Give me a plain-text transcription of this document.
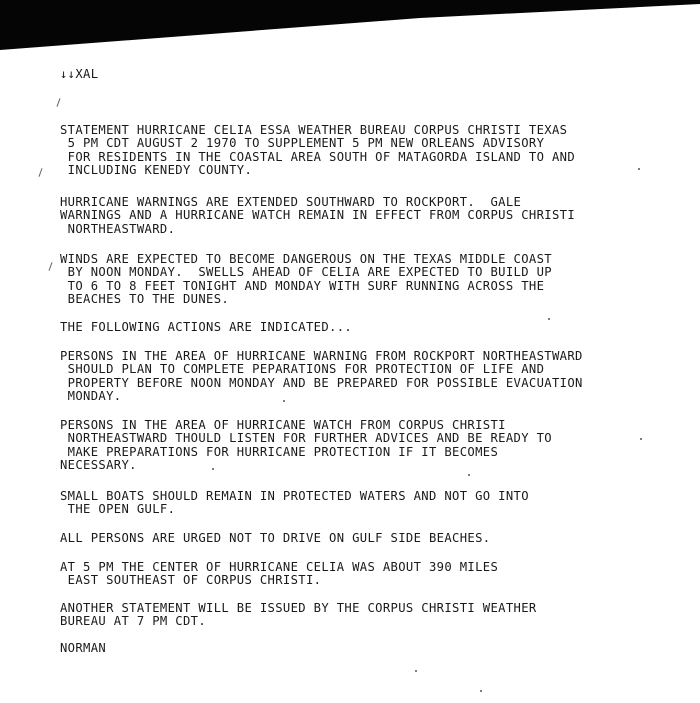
↓↓XAL
STATEMENT HURRICANE CELIA ESSA WEATHER BUREAU CORPUS CHRISTI TEXAS
5 PM CDT AUGUST 2 1970 TO SUPPLEMENT 5 PM NEW ORLEANS ADVISORY
FOR RESIDENTS IN THE COASTAL AREA SOUTH OF MATAGORDA ISLAND TO AND
INCLUDING KENEDY COUNTY.
HURRICANE WARNINGS ARE EXTENDED SOUTHWARD TO ROCKPORT.  GALE
WARNINGS AND A HURRICANE WATCH REMAIN IN EFFECT FROM CORPUS CHRISTI
NORTHEASTWARD.
WINDS ARE EXPECTED TO BECOME DANGEROUS ON THE TEXAS MIDDLE COAST
BY NOON MONDAY.  SWELLS AHEAD OF CELIA ARE EXPECTED TO BUILD UP
TO 6 TO 8 FEET TONIGHT AND MONDAY WITH SURF RUNNING ACROSS THE
BEACHES TO THE DUNES.
THE FOLLOWING ACTIONS ARE INDICATED...
PERSONS IN THE AREA OF HURRICANE WARNING FROM ROCKPORT NORTHEASTWARD
SHOULD PLAN TO COMPLETE PEPARATIONS FOR PROTECTION OF LIFE AND
PROPERTY BEFORE NOON MONDAY AND BE PREPARED FOR POSSIBLE EVACUATION
MONDAY.
PERSONS IN THE AREA OF HURRICANE WATCH FROM CORPUS CHRISTI
NORTHEASTWARD THOULD LISTEN FOR FURTHER ADVICES AND BE READY TO
MAKE PREPARATIONS FOR HURRICANE PROTECTION IF IT BECOMES
NECESSARY.
SMALL BOATS SHOULD REMAIN IN PROTECTED WATERS AND NOT GO INTO
THE OPEN GULF.
ALL PERSONS ARE URGED NOT TO DRIVE ON GULF SIDE BEACHES.
AT 5 PM THE CENTER OF HURRICANE CELIA WAS ABOUT 390 MILES
EAST SOUTHEAST OF CORPUS CHRISTI.
ANOTHER STATEMENT WILL BE ISSUED BY THE CORPUS CHRISTI WEATHER
BUREAU AT 7 PM CDT.
NORMAN
